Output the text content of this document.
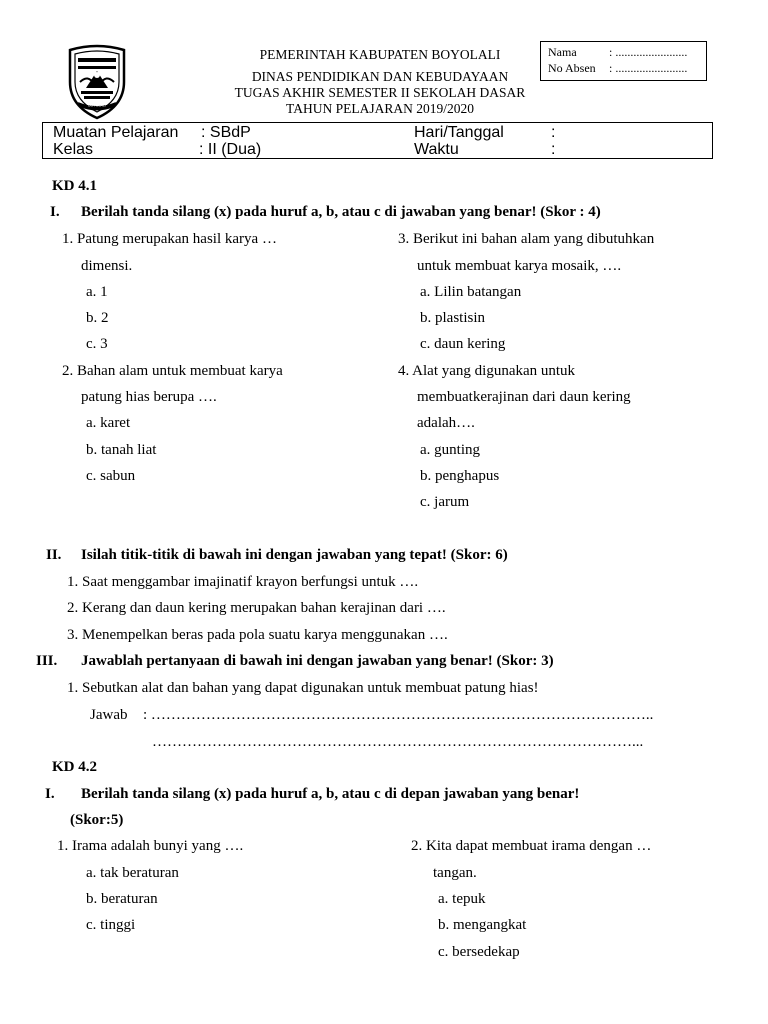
BOYOLALI
PEMERINTAH KABUPATEN BOYOLALI
DINAS PENDIDIKAN DAN KEBUDAYAAN
TUGAS AKHIR SEMESTER II SEKOLAH DASAR
TAHUN PELAJARAN 2019/2020
Nama	: ........................
No Absen : ........................
Muatan Pelajaran : SBdP
Kelas	: II (Dua)
Hari/Tanggal	:
Waktu	:
KD 4.1
I. Berilah tanda silang (x) pada huruf a, b, atau c di jawaban yang benar! (Skor : 4)
1. Patung merupakan hasil karya …
dimensi.
a. 1
b. 2
c. 3
2. Bahan alam untuk membuat karya
patung hias berupa ….
a. karet
b. tanah liat
c. sabun
3. Berikut ini bahan alam yang dibutuhkan
untuk membuat karya mosaik, ….
a. Lilin batangan
b. plastisin
c. daun kering
4. Alat yang digunakan untuk
membuatkerajinan dari daun kering
adalah….
a. gunting
b. penghapus
c. jarum
II. Isilah titik-titik di bawah ini dengan jawaban yang tepat! (Skor: 6)
1. Saat menggambar imajinatif krayon berfungsi untuk ….
2. Kerang dan daun kering merupakan bahan kerajinan dari ….
3. Menempelkan beras pada pola suatu karya menggunakan ….
III. Jawablah pertanyaan di bawah ini dengan jawaban yang benar! (Skor: 3)
1. Sebutkan alat dan bahan yang dapat digunakan untuk membuat patung hias!
Jawab : ………………………………………………………………………………………..
……………………………………………………………………………………...
KD 4.2
I. Berilah tanda silang (x) pada huruf a, b, atau c di depan jawaban yang benar!
(Skor:5)
1. Irama adalah bunyi yang ….
a. tak beraturan
b. beraturan
c. tinggi
2. Kita dapat membuat irama dengan …
tangan.
a. tepuk
b. mengangkat
c. bersedekap
